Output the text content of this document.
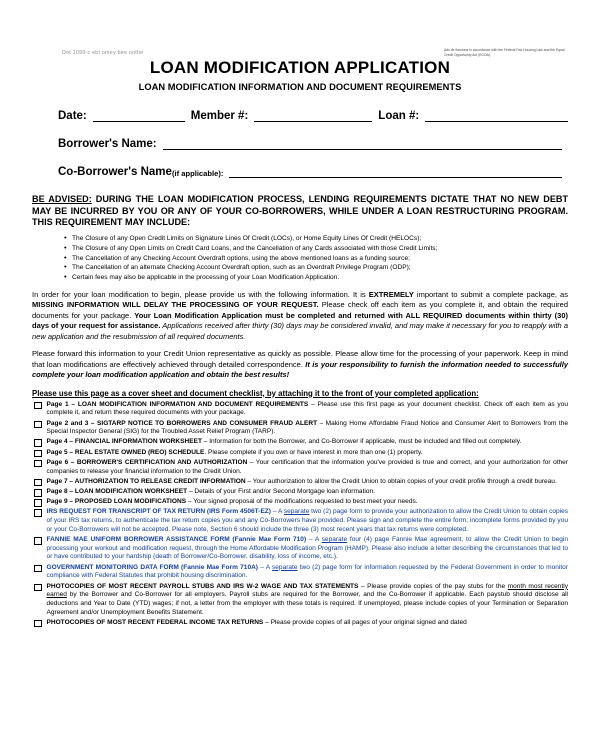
Dot 1099-c ebt omey bee nothe	Ads de funciona in accordance with the Federal Fair Housing Law and the Equal Credit Opportunity Act (ECOA).
LOAN MODIFICATION APPLICATION
LOAN MODIFICATION INFORMATION AND DOCUMENT REQUIREMENTS
Date:	Member #:	Loan #:
Borrower's Name:
Co-Borrower's Name (if applicable):
BE ADVISED: DURING THE LOAN MODIFICATION PROCESS, LENDING REQUIREMENTS DICTATE THAT NO NEW DEBT MAY BE INCURRED BY YOU OR ANY OF YOUR CO-BORROWERS, WHILE UNDER A LOAN RESTRUCTURING PROGRAM. THIS REQUIREMENT MAY INCLUDE:
• The Closure of any Open Credit Limits on Signature Lines Of Credit (LOCs), or Home Equity Lines Of Credit (HELOCs);
• The Closure of any Open Limits on Credit Card Loans, and the Cancellation of any Cards associated with those Credit Limits;
• The Cancellation of any Checking Account Overdraft options, using the above mentioned loans as a funding source;
• The Cancellation of an alternate Checking Account Overdraft option, such as an Overdraft Privilege Program (ODP);
• Certain fees may also be applicable in the processing of your Loan Modification Application.
In order for your loan modification to begin, please provide us with the following information. It is EXTREMELY important to submit a complete package, as MISSING INFORMATION WILL DELAY THE PROCESSING OF YOUR REQUEST. Please check off each item as you complete it, and obtain the required documents for your package. Your Loan Modification Application must be completed and returned with ALL REQUIRED documents within thirty (30) days of your request for assistance. Applications received after thirty (30) days may be considered invalid, and may make it necessary for you to reapply with a new application and the resubmission of all required documents.
Please forward this information to your Credit Union representative as quickly as possible. Please allow time for the processing of your paperwork. Keep in mind that loan modifications are effectively achieved through detailed correspondence. It is your responsibility to furnish the information needed to successfully complete your loan modification application and obtain the best results!
Please use this page as a cover sheet and document checklist, by attaching it to the front of your completed application:
Page 1 – LOAN MODIFICATION INFORMATION AND DOCUMENT REQUIREMENTS – Please use this first page as your document checklist. Check off each item as you complete it, and return these required documents with your package.
Page 2 and 3 – SIGTARP NOTICE TO BORROWERS AND CONSUMER FRAUD ALERT – Making Home Affordable Fraud Notice and Consumer Alert to Borrowers from the Special Inspector General (SIG) for the Troubled Asset Relief Program (TARP).
Page 4 – FINANCIAL INFORMATION WORKSHEET – Information for both the Borrower, and Co-Borrower if applicable, must be included and filled out completely.
Page 5 – REAL ESTATE OWNED (REO) SCHEDULE. Please complete if you own or have interest in more than one (1) property.
Page 6 – BORROWER'S CERTIFICATION AND AUTHORIZATION – Your certification that the information you've provided is true and correct, and your authorization for other companies to release your financial information to the Credit Union.
Page 7 – AUTHORIZATION TO RELEASE CREDIT INFORMATION – Your authorization to allow the Credit Union to obtain copies of your credit profile through a credit bureau.
Page 8 – LOAN MODIFICATION WORKSHEET – Details of your First and/or Second Mortgage loan information.
Page 9 – PROPOSED LOAN MODIFICATIONS – Your signed proposal of the modifications requested to best meet your needs.
IRS REQUEST FOR TRANSCRIPT OF TAX RETURN (IRS Form 4506T-EZ) – A separate two (2) page form to provide your authorization to allow the Credit Union to obtain copies of your IRS tax returns, to authenticate the tax return copies you and any Co-Borrowers have provided. Please sign and complete the entire form; incomplete forms provided by you or your Co-Borrowers will not be accepted. Please note, Section 6 should include the three (3) most recent years that tax returns were completed.
FANNIE MAE UNIFORM BORROWER ASSISTANCE FORM (Fannie Mae Form 710) – A separate four (4) page Fannie Mae agreement, to allow the Credit Union to begin processing your workout and modification request, through the Home Affordable Modification Program (HAMP). Please also include a letter describing the circumstances that led to or have contributed to your hardship (death of Borrower/Co-Borrower, disability, loss of income, etc.).
GOVERNMENT MONITORING DATA FORM (Fannie Mae Form 710A) – A separate two (2) page form for information requested by the Federal Government in order to monitor compliance with Federal Statutes that prohibit housing discrimination.
PHOTOCOPIES OF MOST RECENT PAYROLL STUBS AND IRS W-2 WAGE AND TAX STATEMENTS – Please provide copies of the pay stubs for the month most recently earned by the Borrower and Co-Borrower for all employers. Payroll stubs are required for the Borrower, and the Co-Borrower if applicable. Each paystub should disclose all deductions and Year to Date (YTD) wages; if not, a letter from the employer with these totals is required. If unemployed, please include copies of your Termination or Separation Agreement and/or Unemployment Benefits Statement.
PHOTOCOPIES OF MOST RECENT FEDERAL INCOME TAX RETURNS – Please provide copies of all pages of your original signed and dated
